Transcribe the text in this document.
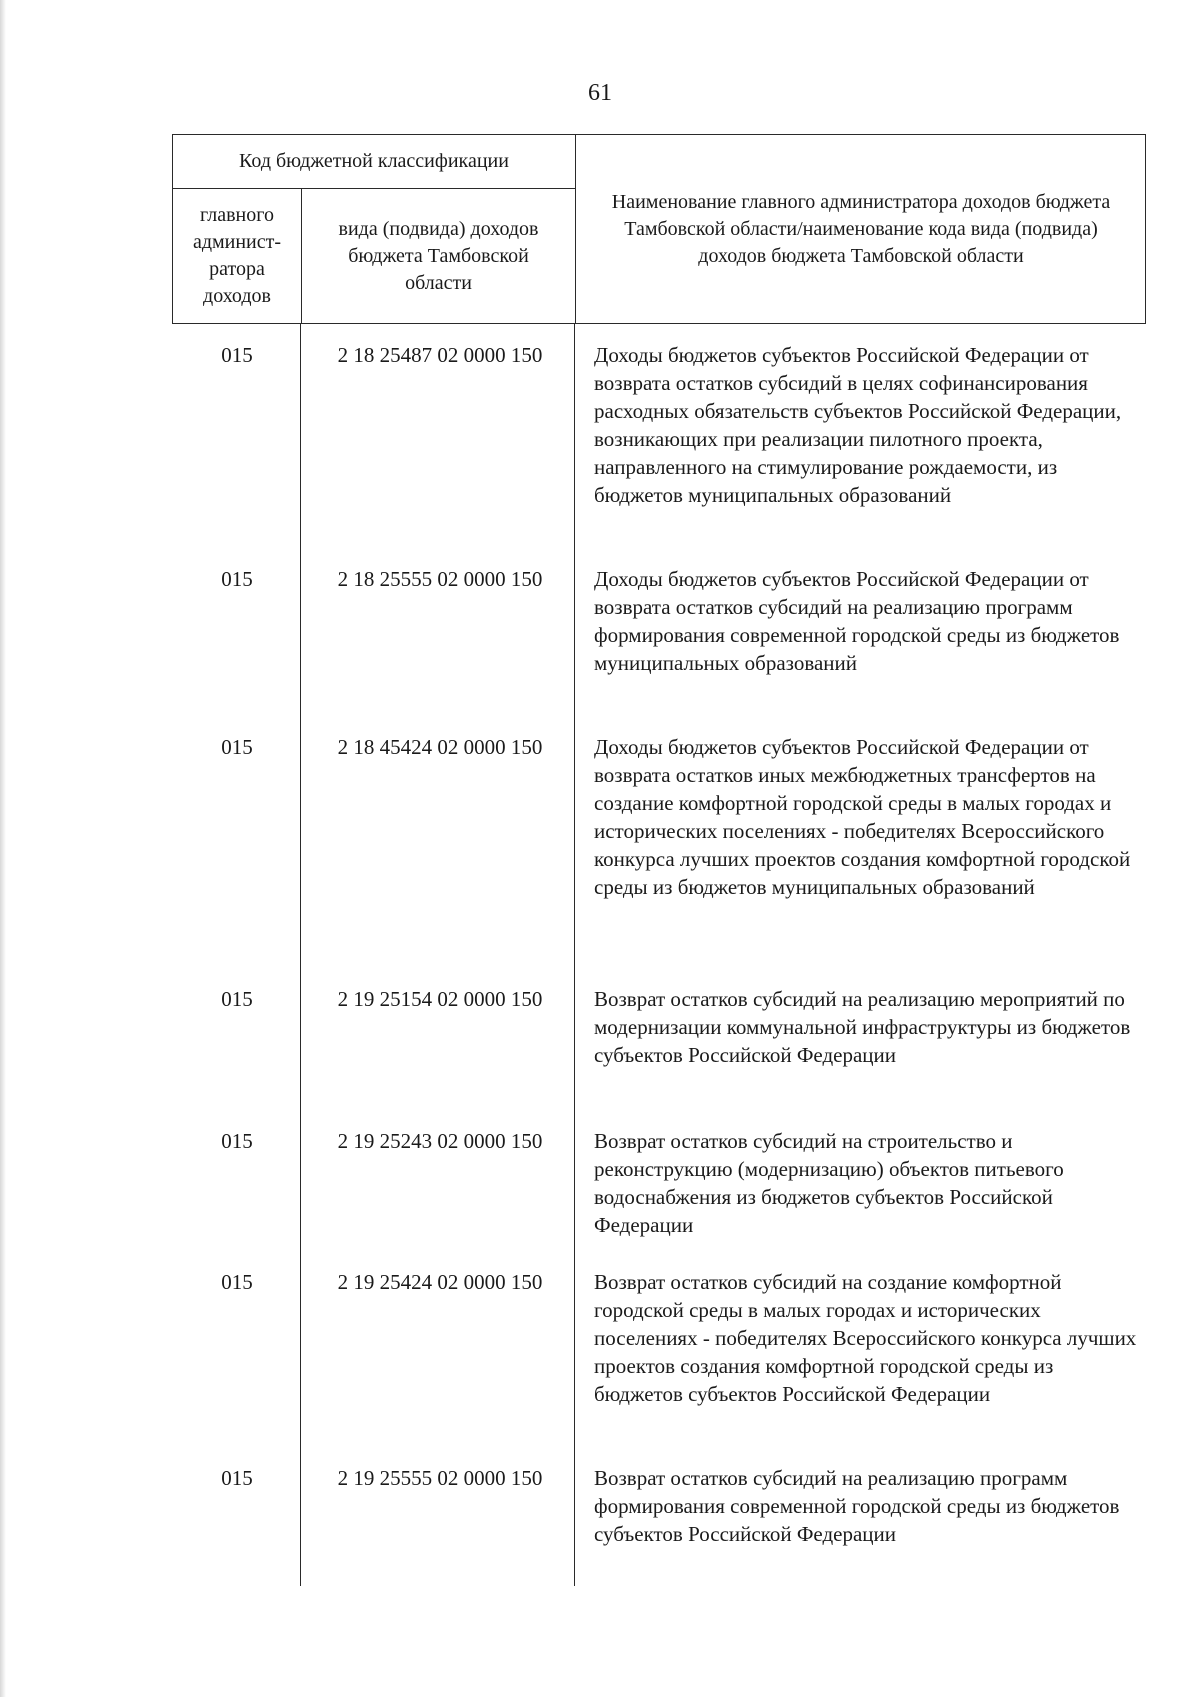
61
Код бюджетной классификации
главного админист-ратора доходов
вида (подвида) доходов бюджета Тамбовской области
Наименование главного администратора доходов бюджета Тамбовской области/наименование кода вида (подвида) доходов бюджета Тамбовской области
015	2 18 25487 02 0000 150	Доходы бюджетов субъектов Российской Федерации от возврата остатков субсидий в целях софинансирования расходных обязательств субъектов Российской Федерации, возникающих при реализации пилотного проекта, направленного на стимулирование рождаемости, из бюджетов муниципальных образований
015	2 18 25555 02 0000 150	Доходы бюджетов субъектов Российской Федерации от возврата остатков субсидий на реализацию программ формирования современной городской среды из бюджетов муниципальных образований
015	2 18 45424 02 0000 150	Доходы бюджетов субъектов Российской Федерации от возврата остатков иных межбюджетных трансфертов на создание комфортной городской среды в малых городах и исторических поселениях - победителях Всероссийского конкурса лучших проектов создания комфортной городской среды из бюджетов муниципальных образований
015	2 19 25154 02 0000 150	Возврат остатков субсидий на реализацию мероприятий по модернизации коммунальной инфраструктуры из бюджетов субъектов Российской Федерации
015	2 19 25243 02 0000 150	Возврат остатков субсидий на строительство и реконструкцию (модернизацию) объектов питьевого водоснабжения из бюджетов субъектов Российской Федерации
015	2 19 25424 02 0000 150	Возврат остатков субсидий на создание комфортной городской среды в малых городах и исторических поселениях - победителях Всероссийского конкурса лучших проектов создания комфортной городской среды из бюджетов субъектов Российской Федерации
015	2 19 25555 02 0000 150	Возврат остатков субсидий на реализацию программ формирования современной городской среды из бюджетов субъектов Российской Федерации
